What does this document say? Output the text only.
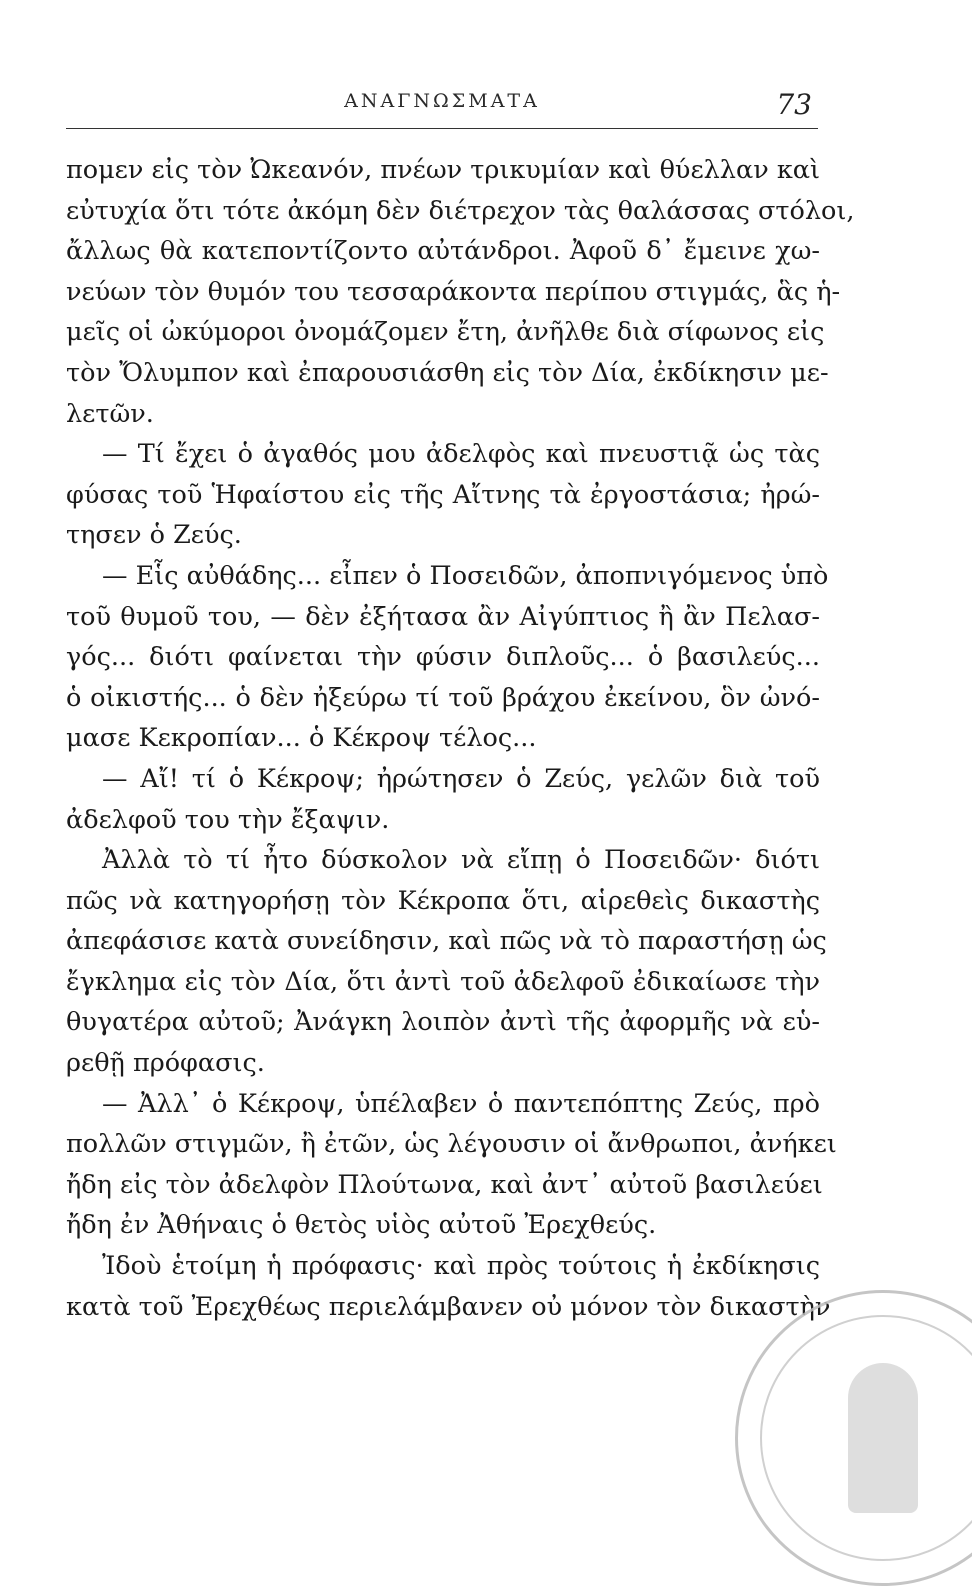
ΑΝΑΓΝΩΣΜΑΤΑ	73
πομεν εἰς τὸν Ὠκεανόν, πνέων τρικυμίαν καὶ θύελλαν καὶ
εὐτυχία ὅτι τότε ἀκόμη δὲν διέτρεχον τὰς θαλάσσας στόλοι,
ἄλλως θὰ κατεποντίζοντο αὐτάνδροι. Ἀφοῦ δ᾽ ἔμεινε χω-
νεύων τὸν θυμόν του τεσσαράκοντα περίπου στιγμάς, ἃς ἡ-
μεῖς οἱ ὠκύμοροι ὀνομάζομεν ἔτη, ἀνῆλθε διὰ σίφωνος εἰς
τὸν Ὄλυμπον καὶ ἐπαρουσιάσθη εἰς τὸν Δία, ἐκδίκησιν με-
λετῶν.
— Τί ἔχει ὁ ἀγαθός μου ἀδελφὸς καὶ πνευστιᾷ ὡς τὰς
φύσας τοῦ Ἡφαίστου εἰς τῆς Αἴτνης τὰ ἐργοστάσια; ἠρώ-
τησεν ὁ Ζεύς.
— Εἷς αὐθάδης... εἶπεν ὁ Ποσειδῶν, ἀποπνιγόμενος ὑπὸ
τοῦ θυμοῦ του, — δὲν ἐξήτασα ἂν Αἰγύπτιος ἢ ἂν Πελασ-
γός... διότι φαίνεται τὴν φύσιν διπλοῦς... ὁ βασιλεύς...
ὁ οἰκιστής... ὁ δὲν ἠξεύρω τί τοῦ βράχου ἐκείνου, ὃν ὠνό-
μασε Κεκροπίαν... ὁ Κέκροψ τέλος...
— Αἴ! τί ὁ Κέκροψ; ἠρώτησεν ὁ Ζεύς, γελῶν διὰ τοῦ
ἀδελφοῦ του τὴν ἔξαψιν.
Ἀλλὰ τὸ τί ἦτο δύσκολον νὰ εἴπῃ ὁ Ποσειδῶν· διότι
πῶς νὰ κατηγορήσῃ τὸν Κέκροπα ὅτι, αἱρεθεὶς δικαστὴς
ἀπεφάσισε κατὰ συνείδησιν, καὶ πῶς νὰ τὸ παραστήσῃ ὡς
ἔγκλημα εἰς τὸν Δία, ὅτι ἀντὶ τοῦ ἀδελφοῦ ἐδικαίωσε τὴν
θυγατέρα αὐτοῦ; Ἀνάγκη λοιπὸν ἀντὶ τῆς ἀφορμῆς νὰ εὑ-
ρεθῇ πρόφασις.
— Ἀλλ᾽ ὁ Κέκροψ, ὑπέλαβεν ὁ παντεπόπτης Ζεύς, πρὸ
πολλῶν στιγμῶν, ἢ ἐτῶν, ὡς λέγουσιν οἱ ἄνθρωποι, ἀνήκει
ἤδη εἰς τὸν ἀδελφὸν Πλούτωνα, καὶ ἀντ᾽ αὐτοῦ βασιλεύει
ἤδη ἐν Ἀθήναις ὁ θετὸς υἱὸς αὐτοῦ Ἐρεχθεύς.
Ἰδοὺ ἑτοίμη ἡ πρόφασις· καὶ πρὸς τούτοις ἡ ἐκδίκησις
κατὰ τοῦ Ἐρεχθέως περιελάμβανεν οὐ μόνον τὸν δικαστὴν
